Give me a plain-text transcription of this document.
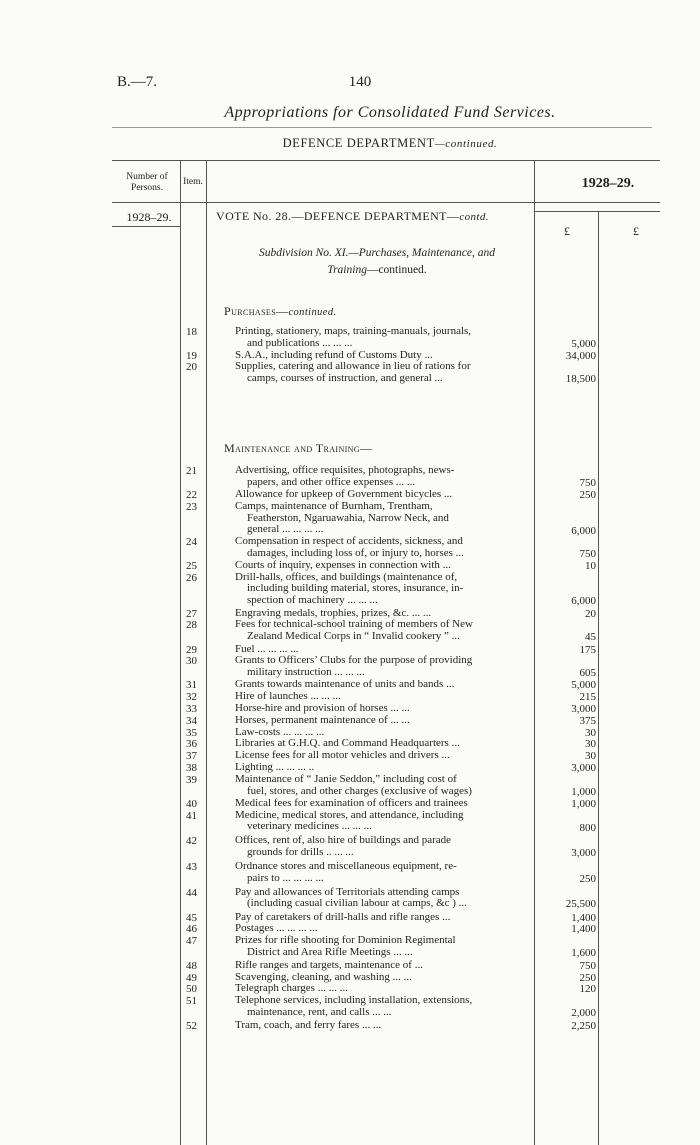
B.—7.	140
Appropriations for Consolidated Fund Services.
DEFENCE DEPARTMENT—continued.
Number of Persons.
Item.	1928–29.
1928–29.	VOTE No. 28.—DEFENCE DEPARTMENT—contd.
£	£
Subdivision No. XI.—Purchases, Maintenance, and
Training—continued.
Purchases—continued.
Maintenance and Training—
18	Printing, stationery, maps, training-manuals, journals,
and publications ... ... ...	5,000
19	S.A.A., including refund of Customs Duty ...	34,000
20	Supplies, catering and allowance in lieu of rations for
camps, courses of instruction, and general ...	18,500
21	Advertising, office requisites, photographs, news-
papers, and other office expenses ... ...	750
22	Allowance for upkeep of Government bicycles ...	250
23	Camps, maintenance of Burnham, Trentham,
Featherston, Ngaruawahia, Narrow Neck, and
general ... ... ... ...	6,000
24	Compensation in respect of accidents, sickness, and
damages, including loss of, or injury to, horses ...	750
25	Courts of inquiry, expenses in connection with ...	10
26	Drill-halls, offices, and buildings (maintenance of,
including building material, stores, insurance, in-
spection of machinery ... ... ...	6,000
27	Engraving medals, trophies, prizes, &c. ... ...	20
28	Fees for technical-school training of members of New
Zealand Medical Corps in “ Invalid cookery ” ...	45
29	Fuel ... ... ... ...	175
30	Grants to Officers’ Clubs for the purpose of providing
military instruction ... ... ...	605
31	Grants towards maintenance of units and bands ...	5,000
32	Hire of launches ... ... ...	215
33	Horse-hire and provision of horses ... ...	3,000
34	Horses, permanent maintenance of ... ...	375
35	Law-costs ... ... ... ...	30
36	Libraries at G.H.Q. and Command Headquarters ...	30
37	License fees for all motor vehicles and drivers ...	30
38	Lighting ... ... ... ..	3,000
39	Maintenance of “ Janie Seddon,” including cost of
fuel, stores, and other charges (exclusive of wages)	1,000
40	Medical fees for examination of officers and trainees	1,000
41	Medicine, medical stores, and attendance, including
veterinary medicines ... ... ...	800
42	Offices, rent of, also hire of buildings and parade
grounds for drills .. ... ...	3,000
43	Ordnance stores and miscellaneous equipment, re-
pairs to ... ... ... ...	250
44	Pay and allowances of Territorials attending camps
(including casual civilian labour at camps, &c ) ...	25,500
45	Pay of caretakers of drill-halls and rifle ranges ...	1,400
46	Postages ... ... ... ...	1,400
47	Prizes for rifle shooting for Dominion Regimental
District and Area Rifle Meetings ... ...	1,600
48	Rifle ranges and targets, maintenance of ...	750
49	Scavenging, cleaning, and washing ... ...	250
50	Telegraph charges ... ... ...	120
51	Telephone services, including installation, extensions,
maintenance, rent, and calls ... ...	2,000
52	Tram, coach, and ferry fares ... ...	2,250
